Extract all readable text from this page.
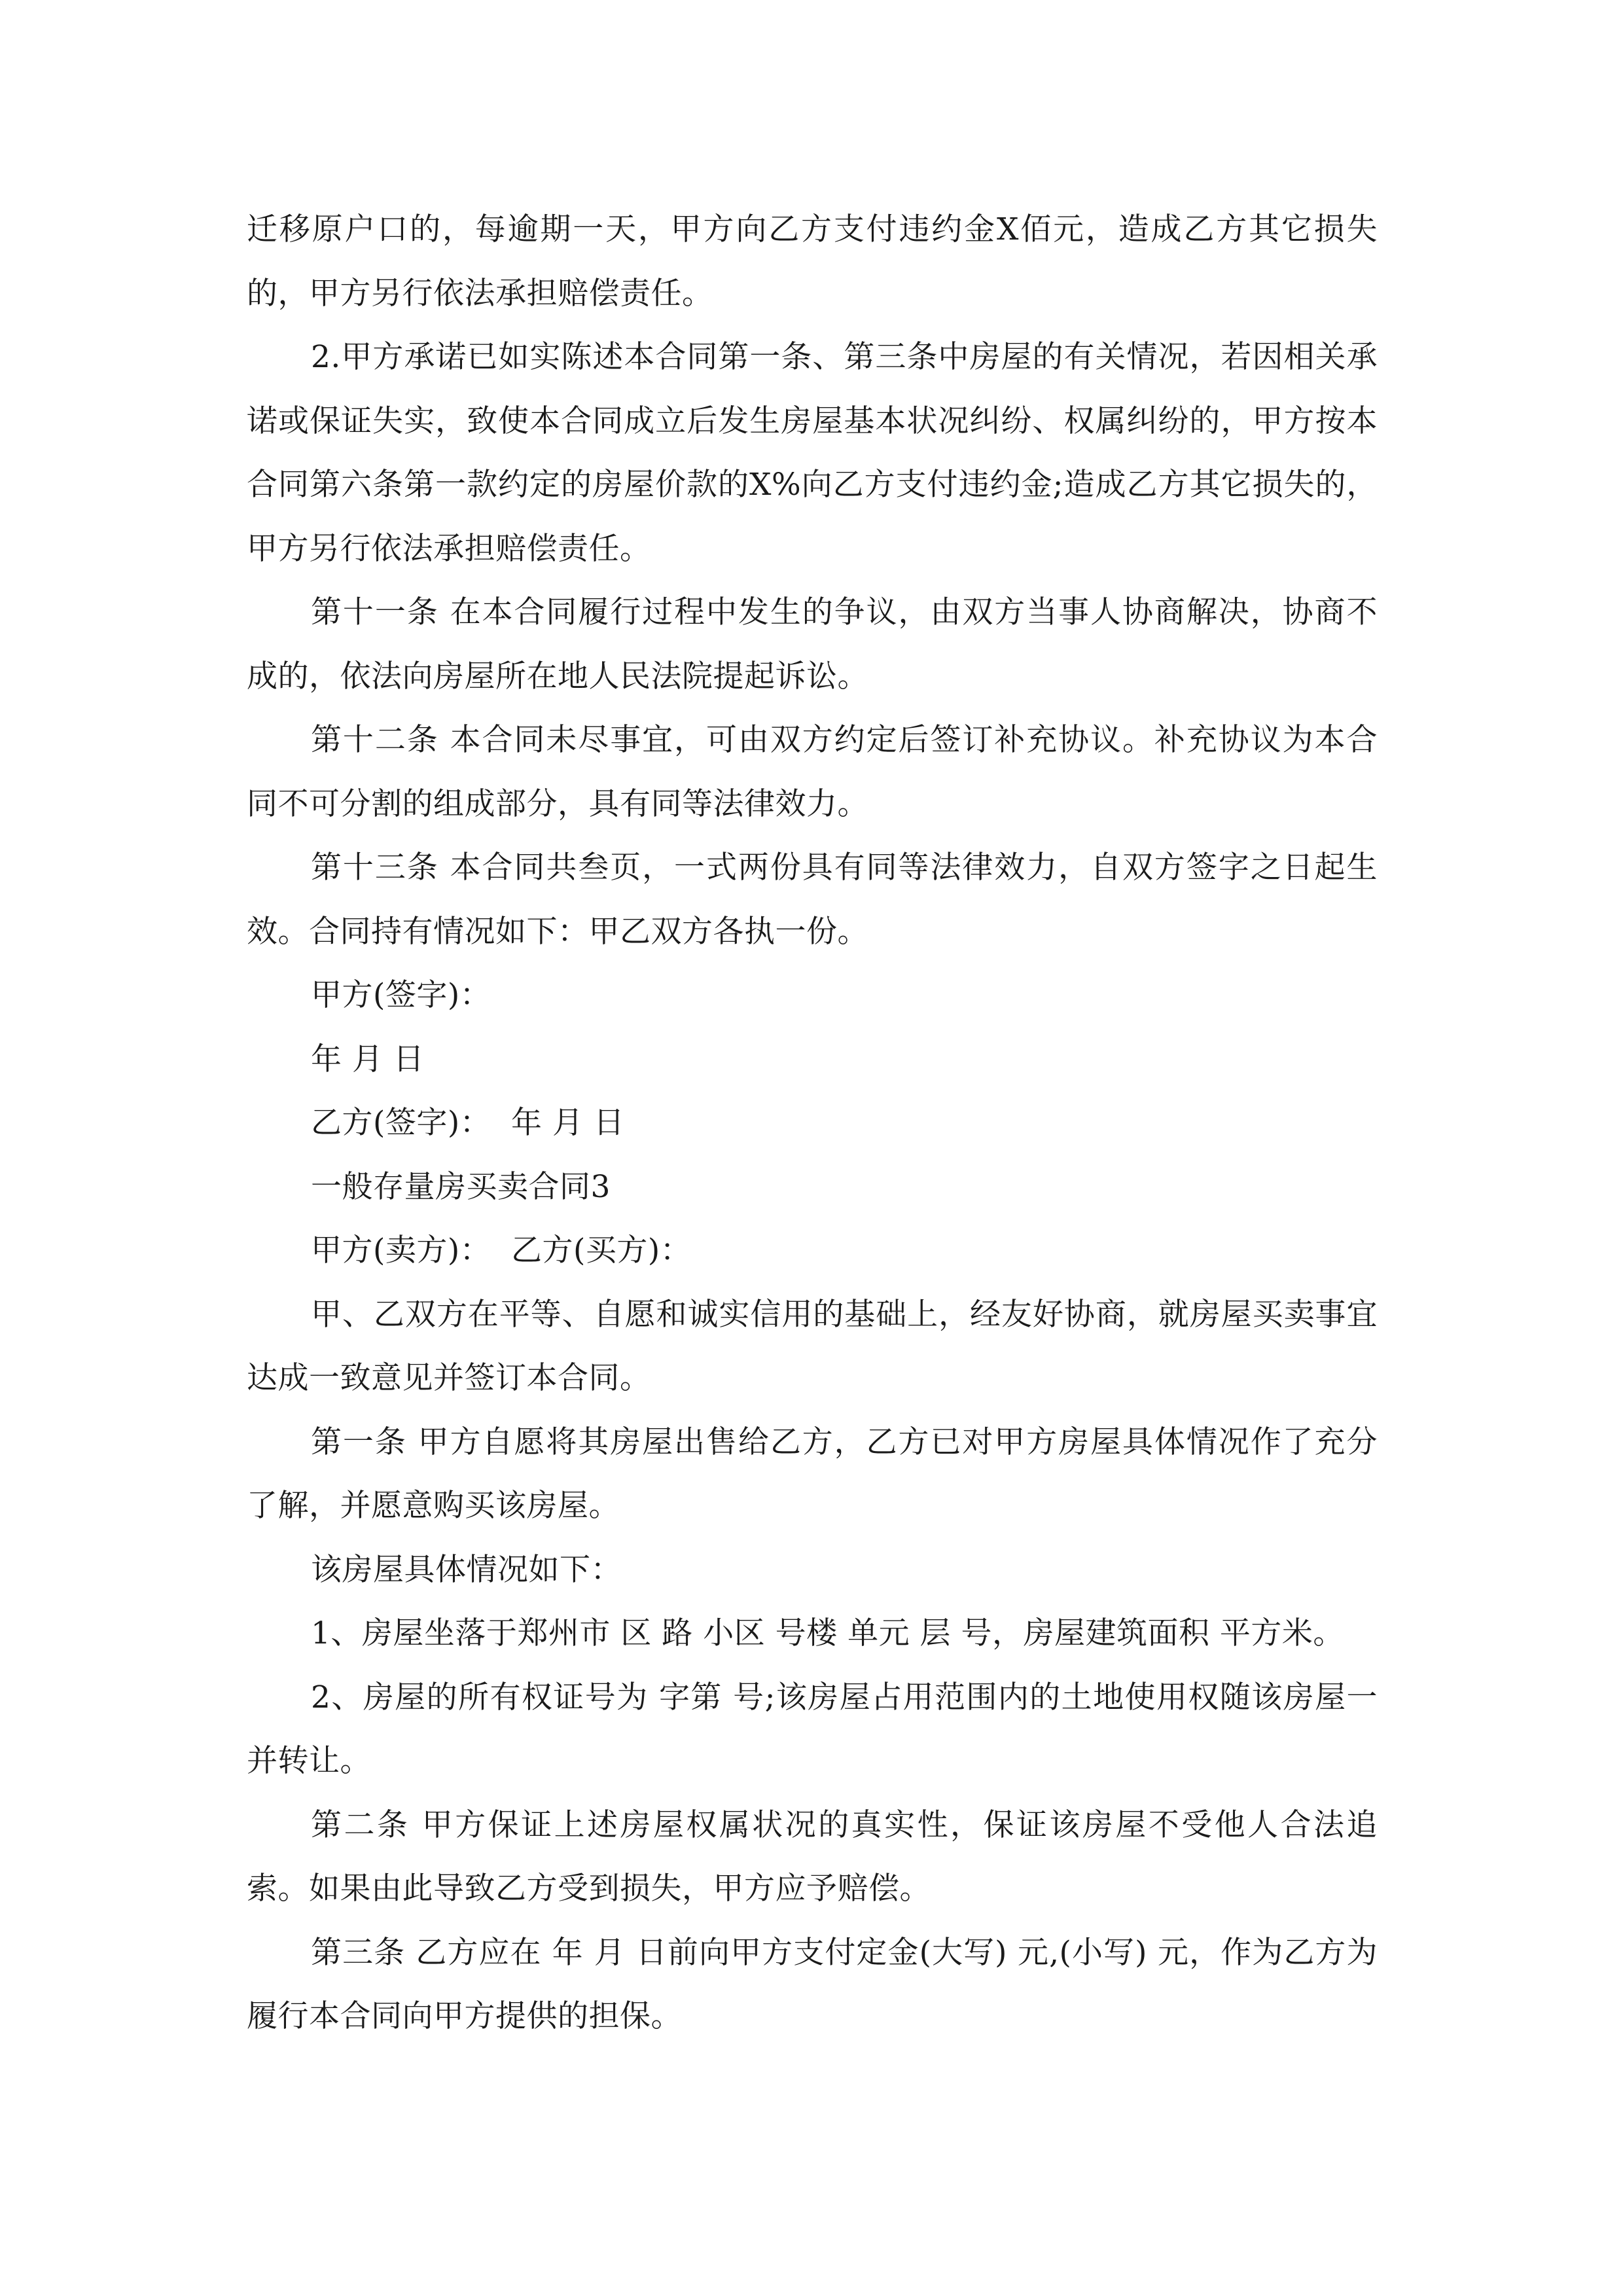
迁移原户口的，每逾期一天，甲方向乙方支付违约金X佰元，造成乙方其它损失的，甲方另行依法承担赔偿责任。

2.甲方承诺已如实陈述本合同第一条、第三条中房屋的有关情况，若因相关承诺或保证失实，致使本合同成立后发生房屋基本状况纠纷、权属纠纷的，甲方按本合同第六条第一款约定的房屋价款的X%向乙方支付违约金;造成乙方其它损失的，甲方另行依法承担赔偿责任。

第十一条 在本合同履行过程中发生的争议，由双方当事人协商解决，协商不成的，依法向房屋所在地人民法院提起诉讼。

第十二条 本合同未尽事宜，可由双方约定后签订补充协议。补充协议为本合同不可分割的组成部分，具有同等法律效力。

第十三条 本合同共叁页，一式两份具有同等法律效力，自双方签字之日起生效。合同持有情况如下：甲乙双方各执一份。

甲方(签字)：

年 月 日

乙方(签字)：  年 月 日

一般存量房买卖合同3

甲方(卖方)：  乙方(买方)：

甲、乙双方在平等、自愿和诚实信用的基础上，经友好协商，就房屋买卖事宜达成一致意见并签订本合同。

第一条 甲方自愿将其房屋出售给乙方，乙方已对甲方房屋具体情况作了充分了解，并愿意购买该房屋。

该房屋具体情况如下：

1、房屋坐落于郑州市 区 路 小区 号楼 单元 层 号，房屋建筑面积 平方米。

2、房屋的所有权证号为 字第 号;该房屋占用范围内的土地使用权随该房屋一并转让。

第二条 甲方保证上述房屋权属状况的真实性，保证该房屋不受他人合法追索。如果由此导致乙方受到损失，甲方应予赔偿。

第三条 乙方应在 年 月 日前向甲方支付定金(大写) 元,(小写) 元，作为乙方为履行本合同向甲方提供的担保。
